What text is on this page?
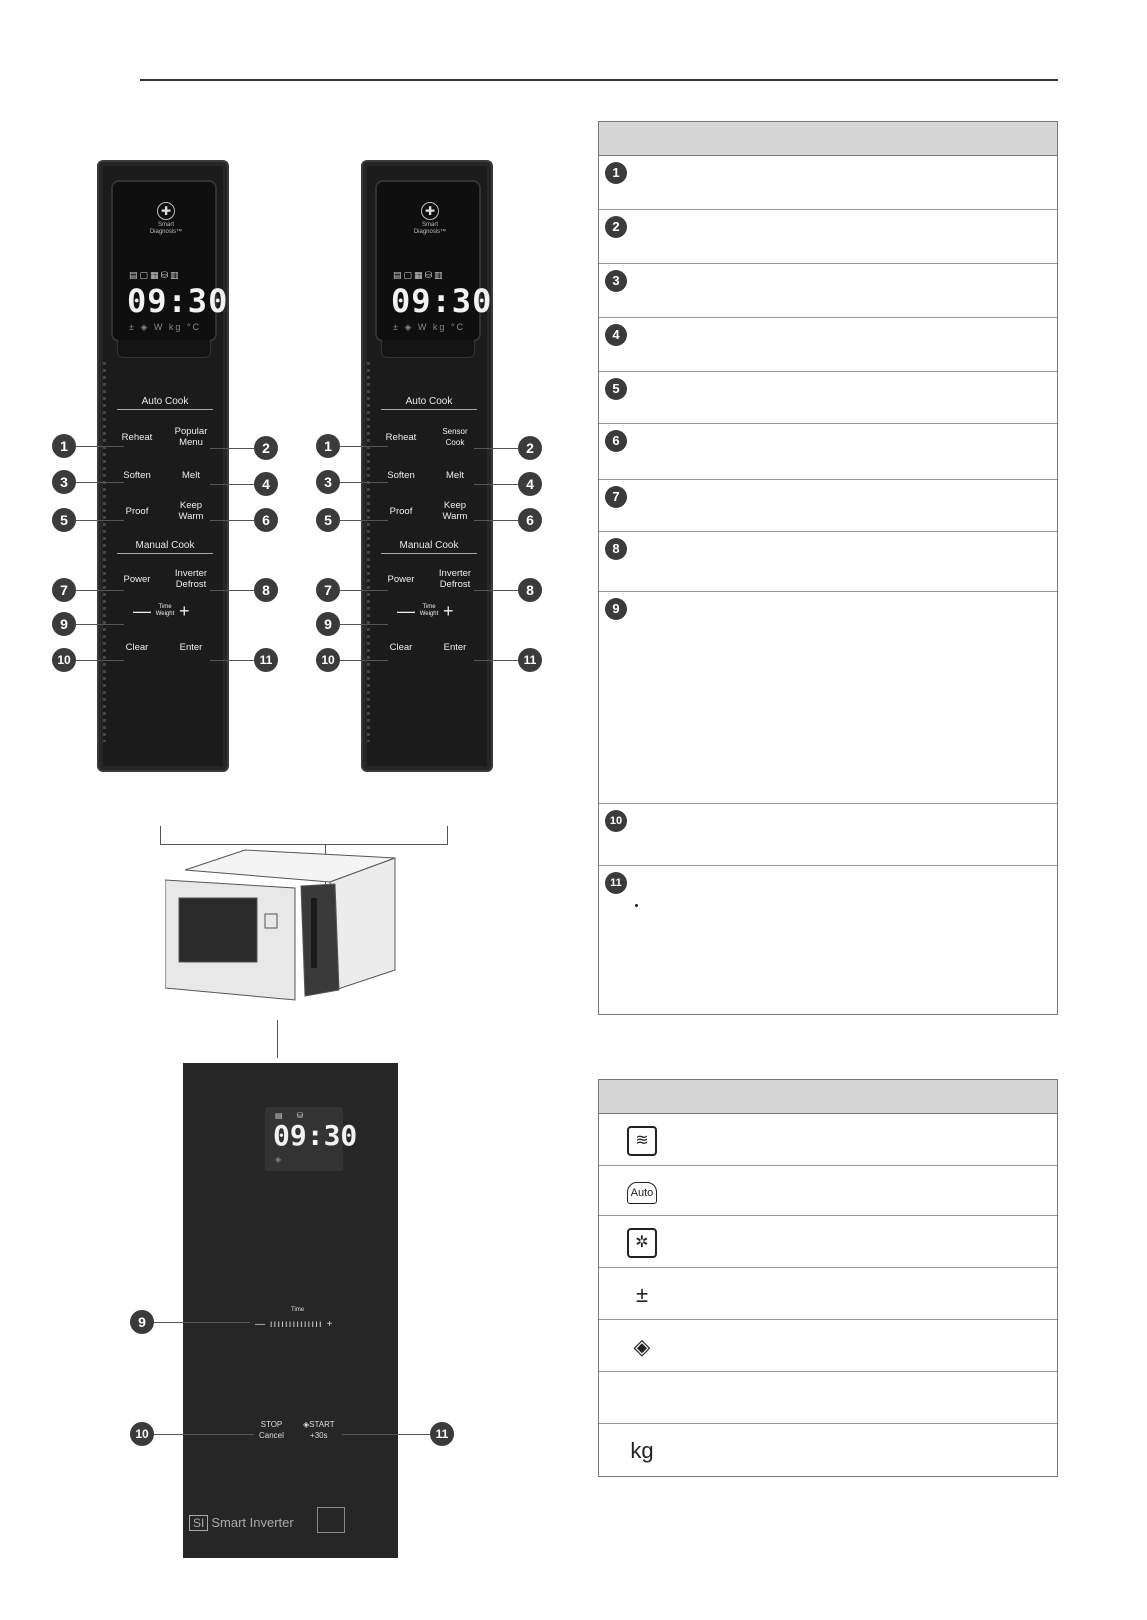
✚
Smart
Diagnosis™
▤▢▦⛁▥
09:30
± ◈ W kg °C
Auto Cook
Reheat
Popular
Menu
Soften	Melt
Proof
Keep
Warm
Manual Cook
Power
Inverter
Defrost
—	Time
Weight +
Clear	Enter
✚
Smart
Diagnosis™
▤▢▦⛁▥
09:30
± ◈ W kg °C
Auto Cook
Reheat
Sensor
Cook
Soften	Melt
Proof
Keep
Warm
Manual Cook
Power
Inverter
Defrost
—	Time
Weight +
Clear	Enter
1	2
3	4
5	6
7	8
9
10	11
1	2
3	4
5	6
7	8
9
10	11
▤⛁
09:30
◈
Time
— ıııııııııııııı +
STOP
Cancel
◈START
+30s
SI Smart Inverter
9
10	11
1
2
3
4
5
6
7
8
9
10
11
≋
Auto
✲
±
◈
kg
